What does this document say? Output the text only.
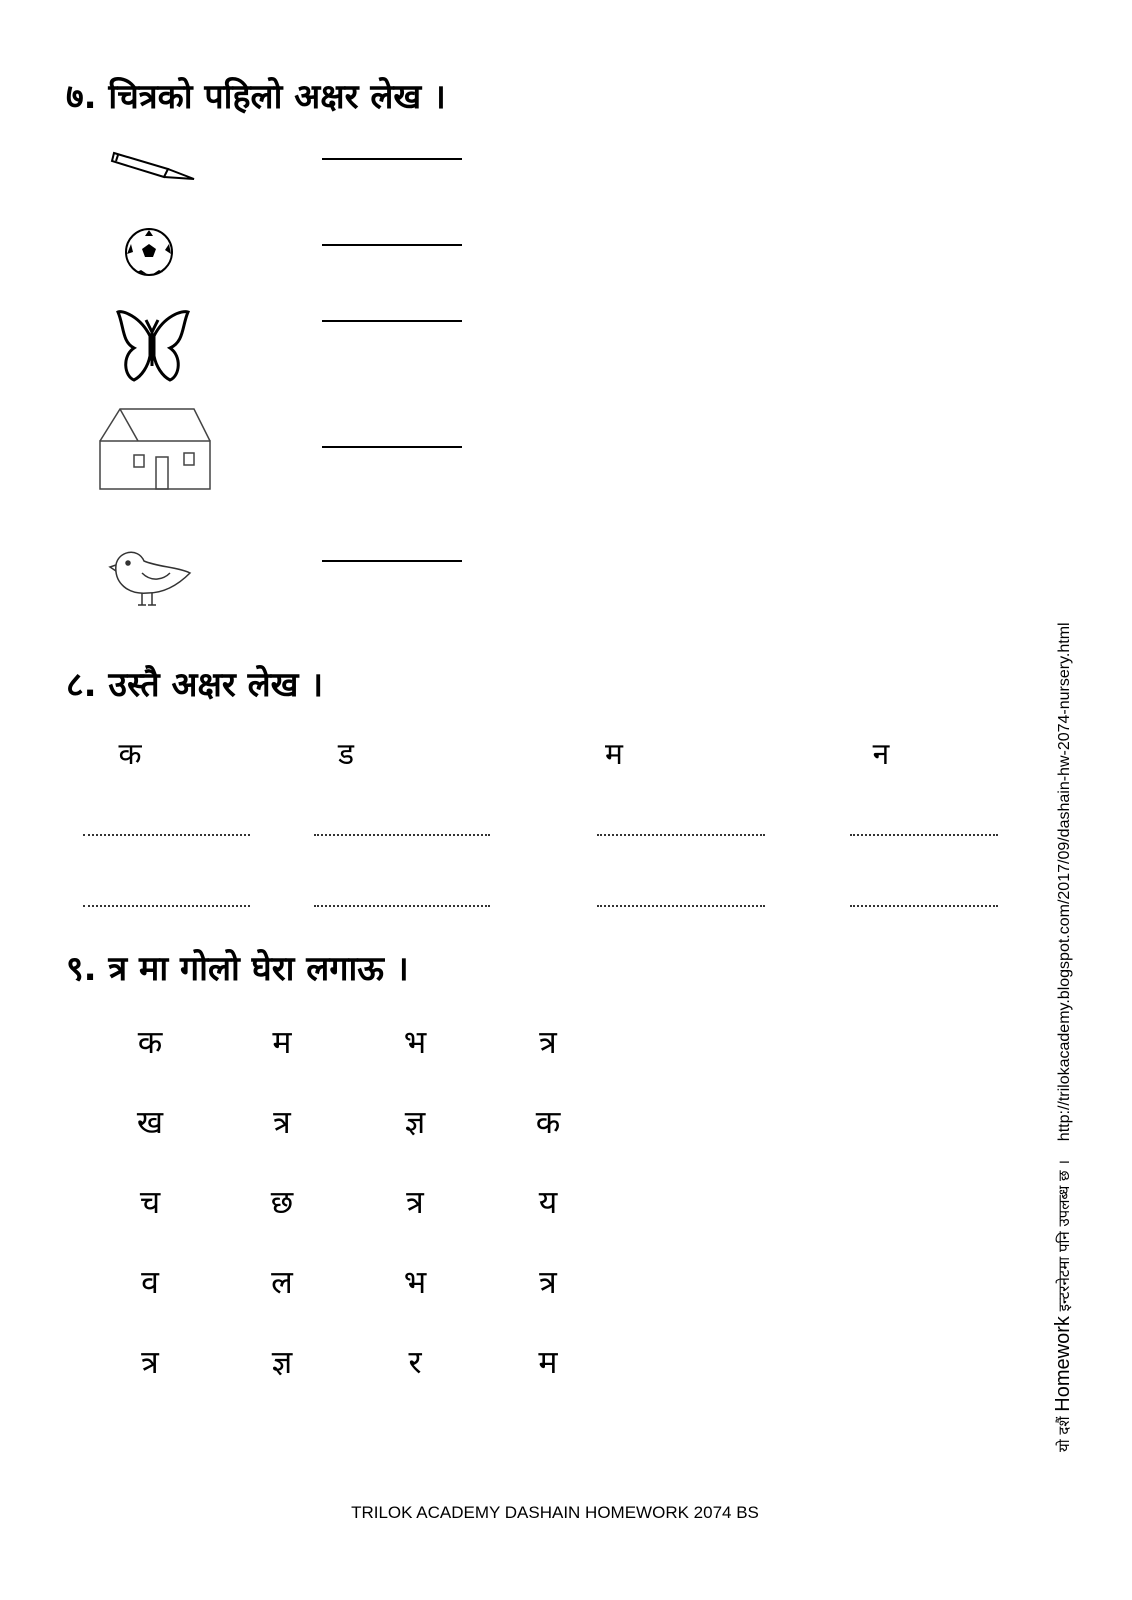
७. चित्रको पहिलो अक्षर लेख ।
८. उस्तै अक्षर लेख ।
क	ड	म	न
९. त्र मा गोलो घेरा लगाऊ ।
क	म	भ	त्र
ख	त्र	ज्ञ	क
च	छ	त्र	य
व	ल	भ	त्र
त्र	ज्ञ	र	म
यो दशैं Homework इन्टरनेटमा पनि उपलब्ध छ । http://trilokacademy.blogspot.com/2017/09/dashain-hw-2074-nursery.html
TRILOK ACADEMY DASHAIN HOMEWORK 2074 BS
